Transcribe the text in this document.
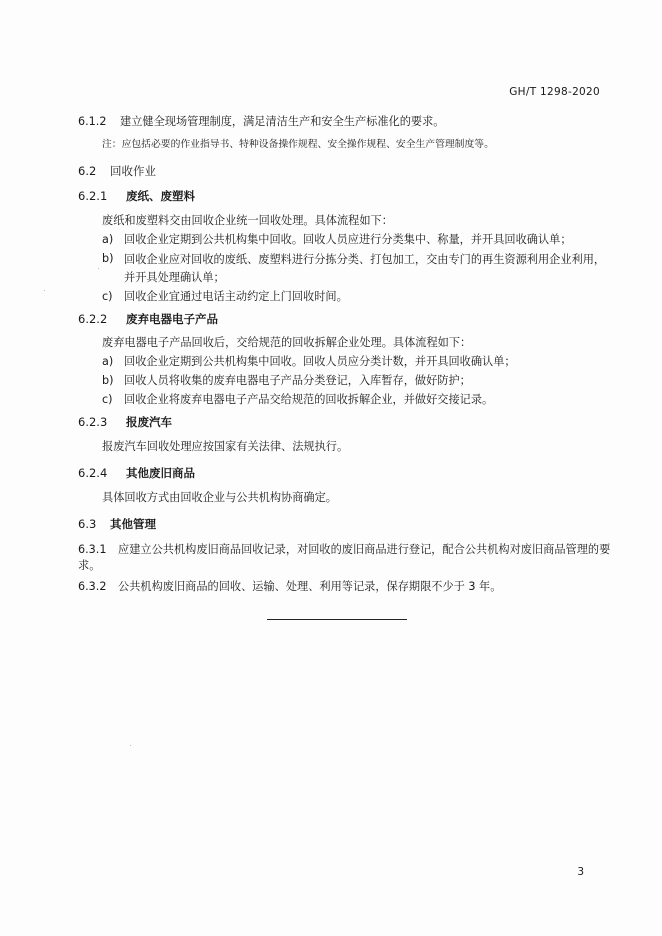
GH/T 1298-2020
6.1.2 建立健全现场管理制度，满足清洁生产和安全生产标准化的要求。
注：应包括必要的作业指导书、特种设备操作规程、安全操作规程、安全生产管理制度等。
6.2 回收作业
6.2.1 废纸、废塑料
废纸和废塑料交由回收企业统一回收处理。具体流程如下：
a) 回收企业定期到公共机构集中回收。回收人员应进行分类集中、称量，并开具回收确认单；
b) 回收企业应对回收的废纸、废塑料进行分拣分类、打包加工，交由专门的再生资源利用企业利用，并开具处理确认单；
c) 回收企业宜通过电话主动约定上门回收时间。
6.2.2 废弃电器电子产品
废弃电器电子产品回收后，交给规范的回收拆解企业处理。具体流程如下：
a) 回收企业定期到公共机构集中回收。回收人员应分类计数，并开具回收确认单；
b) 回收人员将收集的废弃电器电子产品分类登记，入库暂存，做好防护；
c) 回收企业将废弃电器电子产品交给规范的回收拆解企业，并做好交接记录。
6.2.3 报废汽车
报废汽车回收处理应按国家有关法律、法规执行。
6.2.4 其他废旧商品
具体回收方式由回收企业与公共机构协商确定。
6.3 其他管理
6.3.1	应建立公共机构废旧商品回收记录，对回收的废旧商品进行登记，配合公共机构对废旧商品管理的要求。
6.3.2 公共机构废旧商品的回收、运输、处理、利用等记录，保存期限不少于 3 年。
3
